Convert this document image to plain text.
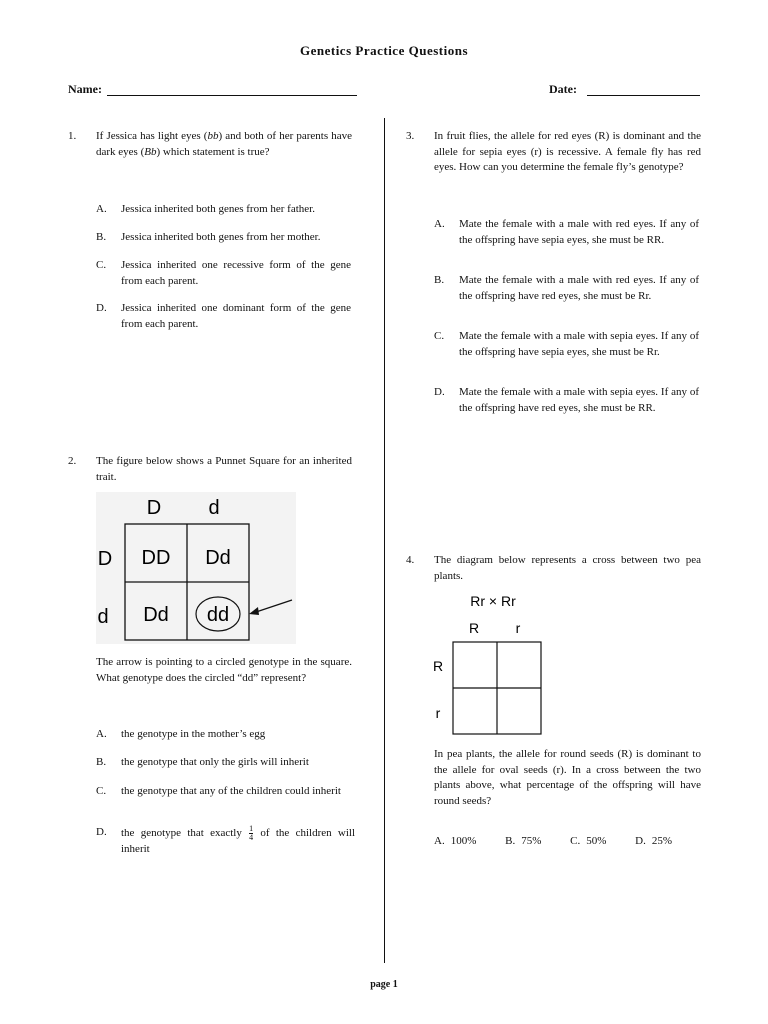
Genetics Practice Questions
Name:	Date:
1. If Jessica has light eyes (bb) and both of her parents have dark eyes (Bb) which statement is true?
A. Jessica inherited both genes from her father.
B. Jessica inherited both genes from her mother.
C. Jessica inherited one recessive form of the gene from each parent.
D. Jessica inherited one dominant form of the gene from each parent.
2. The figure below shows a Punnet Square for an inherited trait.
D d
D
d
DD Dd
Dd dd
The arrow is pointing to a circled genotype in the square. What genotype does the circled “dd” represent?
A. the genotype in the mother’s egg
B. the genotype that only the girls will inherit
C. the genotype that any of the children could inherit
D. the genotype that exactly $\frac{1}{4}$ of the children will inherit
3. In fruit flies, the allele for red eyes (R) is dominant and the allele for sepia eyes (r) is recessive. A female fly has red eyes. How can you determine the female fly’s genotype?
A. Mate the female with a male with red eyes. If any of the offspring have sepia eyes, she must be RR.
B. Mate the female with a male with red eyes. If any of the offspring have red eyes, she must be Rr.
C. Mate the female with a male with sepia eyes. If any of the offspring have sepia eyes, she must be Rr.
D. Mate the female with a male with sepia eyes. If any of the offspring have red eyes, she must be RR.
4. The diagram below represents a cross between two pea plants.
Rr × Rr
R	r
R
r
In pea plants, the allele for round seeds (R) is dominant to the allele for oval seeds (r). In a cross between the two plants above, what percentage of the offspring will have round seeds?
A. 100%	B. 75%	C. 50%	D. 25%
page 1
